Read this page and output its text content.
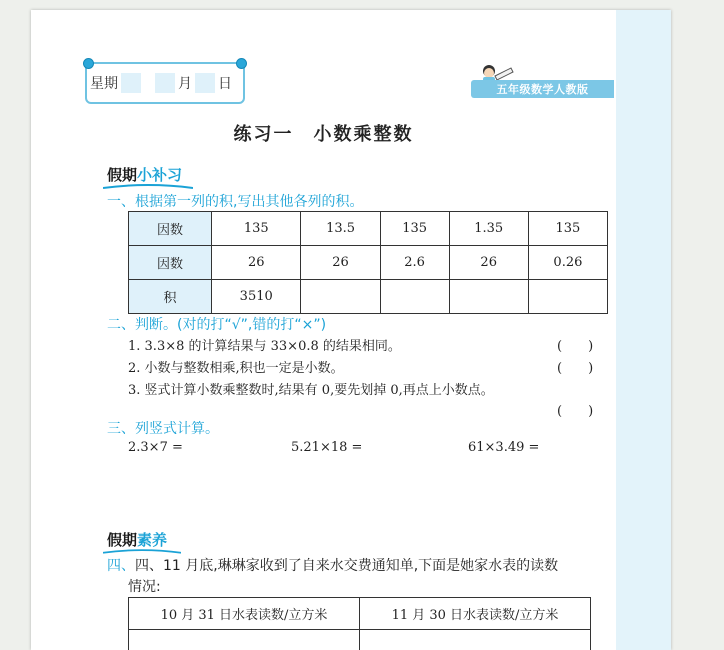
星期	月 日	五年级数学人教版
练习一　小数乘整数
假期小补习
一、根据第一列的积,写出其他各列的积。
因数	135	13.5	135	1.35	135
因数	26	26	2.6	26	0.26
积	3510				
二、判断。(对的打“√”,错的打“×”)
1. 3.3×8 的计算结果与 33×0.8 的结果相同。	(　　)
2. 小数与整数相乘,积也一定是小数。	(　　)
3. 竖式计算小数乘整数时,结果有 0,要先划掉 0,再点上小数点。
(　　)
三、列竖式计算。
2.3×7 =	5.21×18 =	61×3.49 =
假期素养
四、四、11 月底,琳琳家收到了自来水交费通知单,下面是她家水表的读数
情况:
10 月 31 日水表读数/立方米	11 月 30 日水表读数/立方米
